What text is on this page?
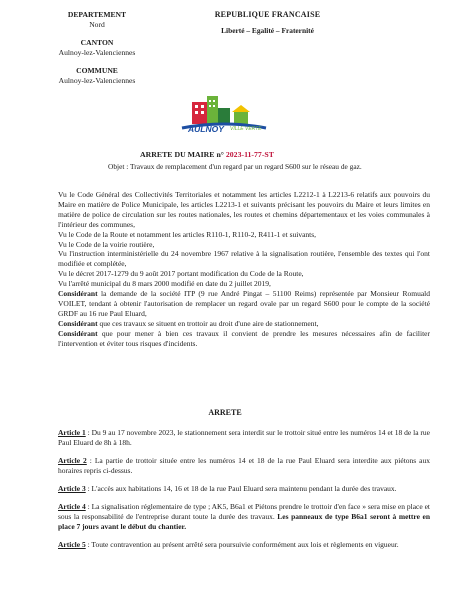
DEPARTEMENT
Nord
CANTON
Aulnoy-lez-Valenciennes
COMMUNE
Aulnoy-lez-Valenciennes
REPUBLIQUE FRANCAISE
Liberté – Egalité – Fraternité
AULNOY VILLE VERTE
ARRETE DU MAIRE n° 2023-11-77-ST
Objet : Travaux de remplacement d'un regard par un regard S600 sur le réseau de gaz.

Vu le Code Général des Collectivités Territoriales et notamment les articles L2212-1 à L2213-6 relatifs aux pouvoirs du Maire en matière de Police Municipale, les articles L2213-1 et suivants précisant les pouvoirs du Maire et leurs limites en matière de police de circulation sur les routes nationales, les routes et chemins départementaux et les voies communales à l'intérieur des communes,

Vu le Code de la Route et notamment les articles R110-1, R110-2, R411-1 et suivants,

Vu le Code de la voirie routière,

Vu l'instruction interministérielle du 24 novembre 1967 relative à la signalisation routière, l'ensemble des textes qui l'ont modifiée et complétée,

Vu le décret 2017-1279 du 9 août 2017 portant modification du Code de la Route,

Vu l'arrêté municipal du 8 mars 2000 modifié en date du 2 juillet 2019,

Considérant la demande de la société ITP (9 rue André Pingat – 51100 Reims) représentée par Monsieur Romuald VOILET, tendant à obtenir l'autorisation de remplacer un regard ovale par un regard S600 pour le compte de la société GRDF au 16 rue Paul Eluard,

Considérant que ces travaux se situent en trottoir au droit d'une aire de stationnement,

Considérant que pour mener à bien ces travaux il convient de prendre les mesures nécessaires afin de faciliter l'intervention et éviter tous risques d'incidents.

ARRETE

Article 1 : Du 9 au 17 novembre 2023, le stationnement sera interdit sur le trottoir situé entre les numéros 14 et 18 de la rue Paul Eluard de 8h à 18h.

Article 2 : La partie de trottoir située entre les numéros 14 et 18 de la rue Paul Eluard sera interdite aux piétons aux horaires repris ci-dessus.

Article 3 : L'accès aux habitations 14, 16 et 18 de la rue Paul Eluard sera maintenu pendant la durée des travaux.

Article 4 : La signalisation réglementaire de type ; AK5, B6a1 et Piétons prendre le trottoir d'en face » sera mise en place et sous la responsabilité de l'entreprise durant toute la durée des travaux. Les panneaux de type B6a1 seront à mettre en place 7 jours avant le début du chantier.

Article 5 : Toute contravention au présent arrêté sera poursuivie conformément aux lois et règlements en vigueur.
